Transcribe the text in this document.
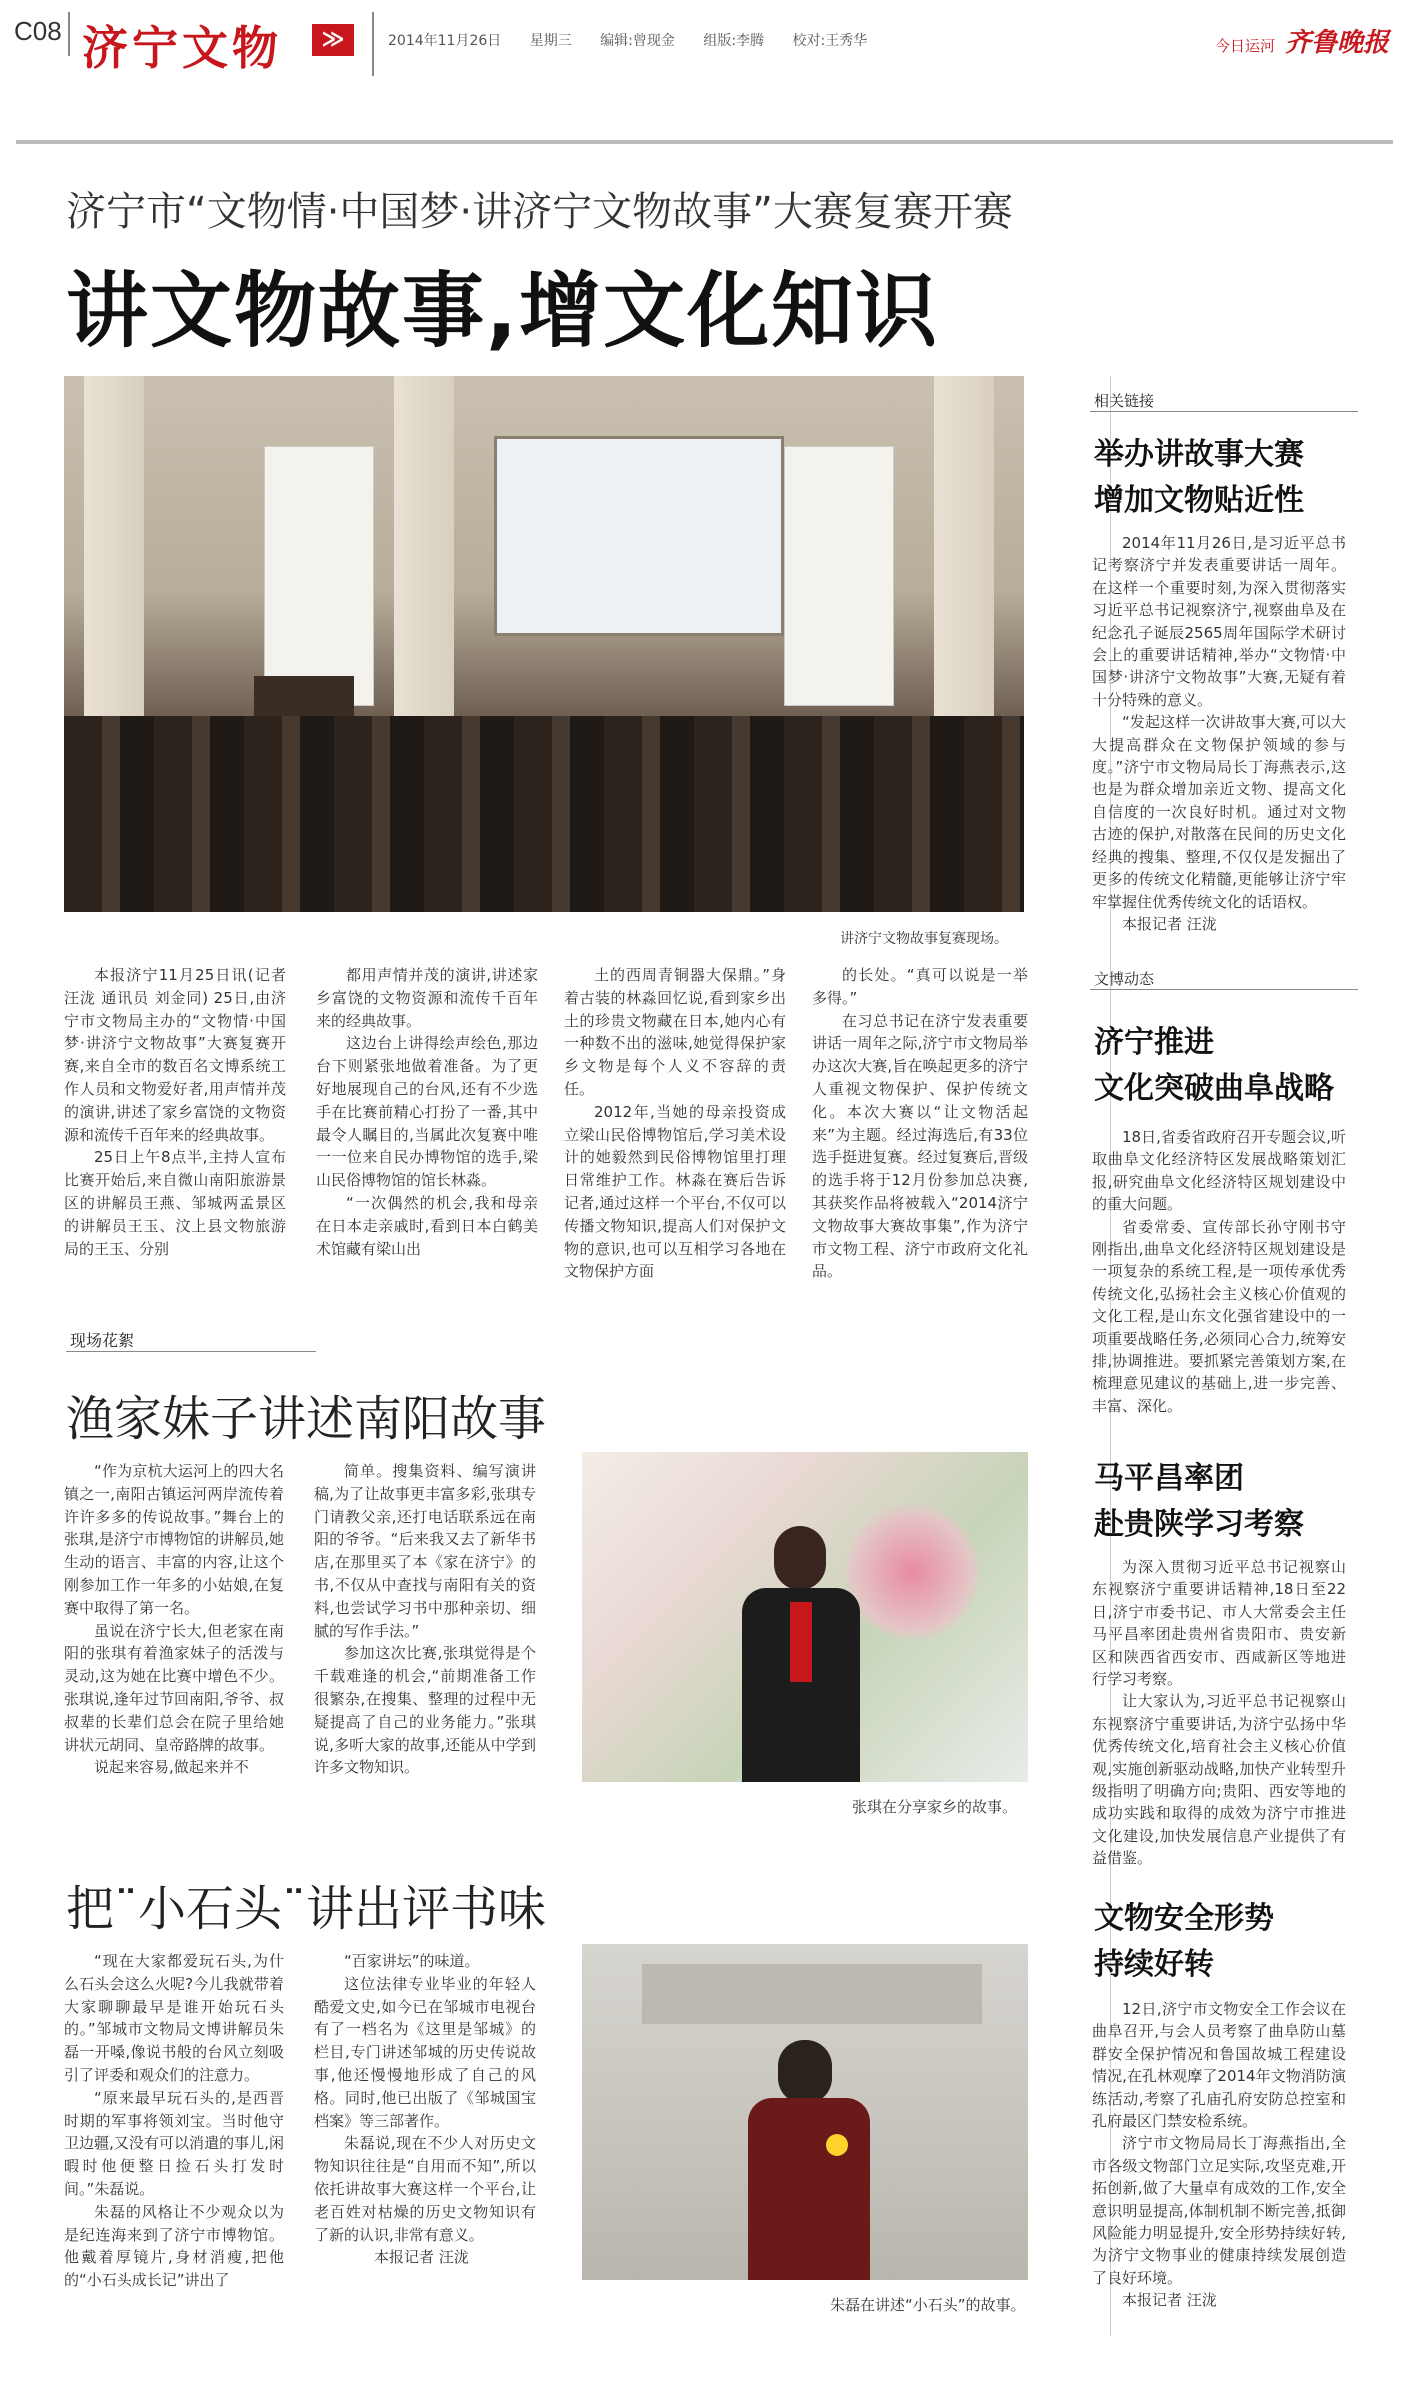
C08 济宁文物	≫	2014年11月26日 星期三 编辑:曾现金 组版:李腾 校对:王秀华	今日运河 齐鲁晚报
济宁市“文物情·中国梦·讲济宁文物故事”大赛复赛开赛
讲文物故事,增文化知识
讲济宁文物故事复赛现场。

本报济宁11月25日讯(记者 汪泷 通讯员 刘金同) 25日,由济宁市文物局主办的“文物情·中国梦·讲济宁文物故事”大赛复赛开赛,来自全市的数百名文博系统工作人员和文物爱好者,用声情并茂的演讲,讲述了家乡富饶的文物资源和流传千百年来的经典故事。

25日上午8点半,主持人宣布比赛开始后,来自微山南阳旅游景区的讲解员王燕、邹城两孟景区的讲解员王玉、汶上县文物旅游局的王玉、分别

都用声情并茂的演讲,讲述家乡富饶的文物资源和流传千百年来的经典故事。

这边台上讲得绘声绘色,那边台下则紧张地做着准备。为了更好地展现自己的台风,还有不少选手在比赛前精心打扮了一番,其中最令人瞩目的,当属此次复赛中唯一一位来自民办博物馆的选手,梁山民俗博物馆的馆长林淼。

“一次偶然的机会,我和母亲在日本走亲戚时,看到日本白鹤美术馆藏有梁山出

土的西周青铜器大保鼎。”身着古装的林淼回忆说,看到家乡出土的珍贵文物藏在日本,她内心有一种数不出的滋味,她觉得保护家乡文物是每个人义不容辞的责任。

2012年,当她的母亲投资成立梁山民俗博物馆后,学习美术设计的她毅然到民俗博物馆里打理日常维护工作。林淼在赛后告诉记者,通过这样一个平台,不仅可以传播文物知识,提高人们对保护文物的意识,也可以互相学习各地在文物保护方面

的长处。“真可以说是一举多得。”

在习总书记在济宁发表重要讲话一周年之际,济宁市文物局举办这次大赛,旨在唤起更多的济宁人重视文物保护、保护传统文化。本次大赛以“让文物活起来”为主题。经过海选后,有33位选手挺进复赛。经过复赛后,晋级的选手将于12月份参加总决赛,其获奖作品将被载入“2014济宁文物故事大赛故事集”,作为济宁市文物工程、济宁市政府文化礼品。

现场花絮
渔家妹子讲述南阳故事

“作为京杭大运河上的四大名镇之一,南阳古镇运河两岸流传着许许多多的传说故事。”舞台上的张琪,是济宁市博物馆的讲解员,她生动的语言、丰富的内容,让这个刚参加工作一年多的小姑娘,在复赛中取得了第一名。

虽说在济宁长大,但老家在南阳的张琪有着渔家妹子的活泼与灵动,这为她在比赛中增色不少。张琪说,逢年过节回南阳,爷爷、叔叔辈的长辈们总会在院子里给她讲状元胡同、皇帝路牌的故事。

说起来容易,做起来并不

简单。搜集资料、编写演讲稿,为了让故事更丰富多彩,张琪专门请教父亲,还打电话联系远在南阳的爷爷。“后来我又去了新华书店,在那里买了本《家在济宁》的书,不仅从中查找与南阳有关的资料,也尝试学习书中那种亲切、细腻的写作手法。”

参加这次比赛,张琪觉得是个千载难逢的机会,“前期准备工作很繁杂,在搜集、整理的过程中无疑提高了自己的业务能力。”张琪说,多听大家的故事,还能从中学到许多文物知识。

张琪在分享家乡的故事。
把¨小石头¨讲出评书味

“现在大家都爱玩石头,为什么石头会这么火呢?今儿我就带着大家聊聊最早是谁开始玩石头的。”邹城市文物局文博讲解员朱磊一开嗓,像说书般的台风立刻吸引了评委和观众们的注意力。

“原来最早玩石头的,是西晋时期的军事将领刘宝。当时他守卫边疆,又没有可以消遣的事儿,闲暇时他便整日捡石头打发时间。”朱磊说。

朱磊的风格让不少观众以为是纪连海来到了济宁市博物馆。他戴着厚镜片,身材消瘦,把他的“小石头成长记”讲出了

“百家讲坛”的味道。

这位法律专业毕业的年轻人酷爱文史,如今已在邹城市电视台有了一档名为《这里是邹城》的栏目,专门讲述邹城的历史传说故事,他还慢慢地形成了自己的风格。同时,他已出版了《邹城国宝档案》等三部著作。

朱磊说,现在不少人对历史文物知识往往是“自用而不知”,所以依托讲故事大赛这样一个平台,让老百姓对枯燥的历史文物知识有了新的认识,非常有意义。

本报记者 汪泷

朱磊在讲述“小石头”的故事。
相关链接
举办讲故事大赛
增加文物贴近性

2014年11月26日,是习近平总书记考察济宁并发表重要讲话一周年。在这样一个重要时刻,为深入贯彻落实习近平总书记视察济宁,视察曲阜及在纪念孔子诞辰2565周年国际学术研讨会上的重要讲话精神,举办“文物情·中国梦·讲济宁文物故事”大赛,无疑有着十分特殊的意义。

“发起这样一次讲故事大赛,可以大大提高群众在文物保护领域的参与度。”济宁市文物局局长丁海燕表示,这也是为群众增加亲近文物、提高文化自信度的一次良好时机。通过对文物古迹的保护,对散落在民间的历史文化经典的搜集、整理,不仅仅是发掘出了更多的传统文化精髓,更能够让济宁牢牢掌握住优秀传统文化的话语权。

本报记者 汪泷

文博动态
济宁推进
文化突破曲阜战略

18日,省委省政府召开专题会议,听取曲阜文化经济特区发展战略策划汇报,研究曲阜文化经济特区规划建设中的重大问题。

省委常委、宣传部长孙守刚书守刚指出,曲阜文化经济特区规划建设是一项复杂的系统工程,是一项传承优秀传统文化,弘扬社会主义核心价值观的文化工程,是山东文化强省建设中的一项重要战略任务,必须同心合力,统筹安排,协调推进。要抓紧完善策划方案,在梳理意见建议的基础上,进一步完善、丰富、深化。

马平昌率团
赴贵陕学习考察

为深入贯彻习近平总书记视察山东视察济宁重要讲话精神,18日至22日,济宁市委书记、市人大常委会主任马平昌率团赴贵州省贵阳市、贵安新区和陕西省西安市、西咸新区等地进行学习考察。

让大家认为,习近平总书记视察山东视察济宁重要讲话,为济宁弘扬中华优秀传统文化,培育社会主义核心价值观,实施创新驱动战略,加快产业转型升级指明了明确方向;贵阳、西安等地的成功实践和取得的成效为济宁市推进文化建设,加快发展信息产业提供了有益借鉴。

文物安全形势
持续好转

12日,济宁市文物安全工作会议在曲阜召开,与会人员考察了曲阜防山墓群安全保护情况和鲁国故城工程建设情况,在孔林观摩了2014年文物消防演练活动,考察了孔庙孔府安防总控室和孔府最区门禁安检系统。

济宁市文物局局长丁海燕指出,全市各级文物部门立足实际,攻坚克难,开拓创新,做了大量卓有成效的工作,安全意识明显提高,体制机制不断完善,抵御风险能力明显提升,安全形势持续好转,为济宁文物事业的健康持续发展创造了良好环境。

本报记者 汪泷
